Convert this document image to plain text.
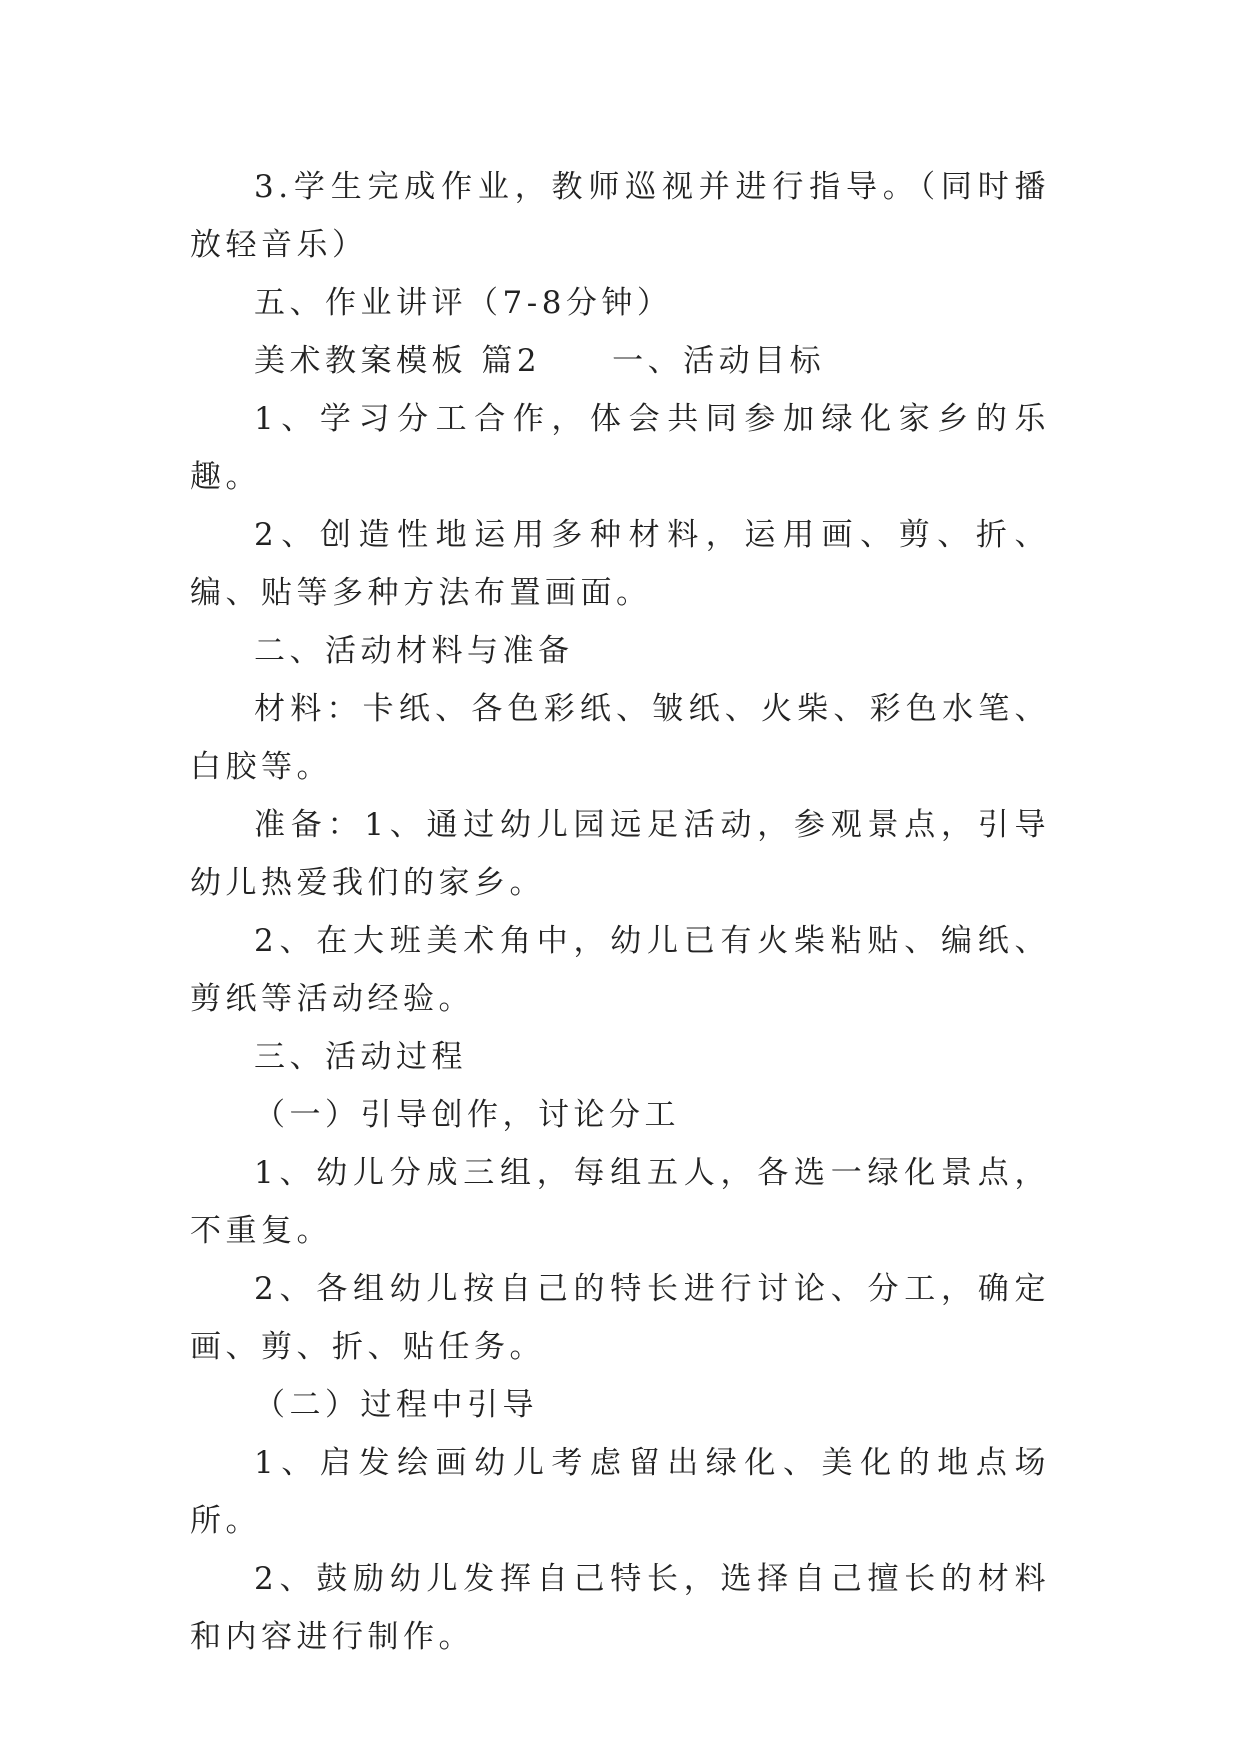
3.学生完成作业，教师巡视并进行指导。（同时播放轻音乐）

五、作业讲评（7-8分钟）

美术教案模板 篇2　　一、活动目标

1、学习分工合作，体会共同参加绿化家乡的乐趣。

2、创造性地运用多种材料，运用画、剪、折、编、贴等多种方法布置画面。

二、活动材料与准备

材料：卡纸、各色彩纸、皱纸、火柴、彩色水笔、白胶等。

准备：1、通过幼儿园远足活动，参观景点，引导幼儿热爱我们的家乡。

2、在大班美术角中，幼儿已有火柴粘贴、编纸、剪纸等活动经验。

三、活动过程

（一）引导创作，讨论分工

1、幼儿分成三组，每组五人，各选一绿化景点，不重复。

2、各组幼儿按自己的特长进行讨论、分工，确定画、剪、折、贴任务。

（二）过程中引导

1、启发绘画幼儿考虑留出绿化、美化的地点场所。

2、鼓励幼儿发挥自己特长，选择自己擅长的材料和内容进行制作。
